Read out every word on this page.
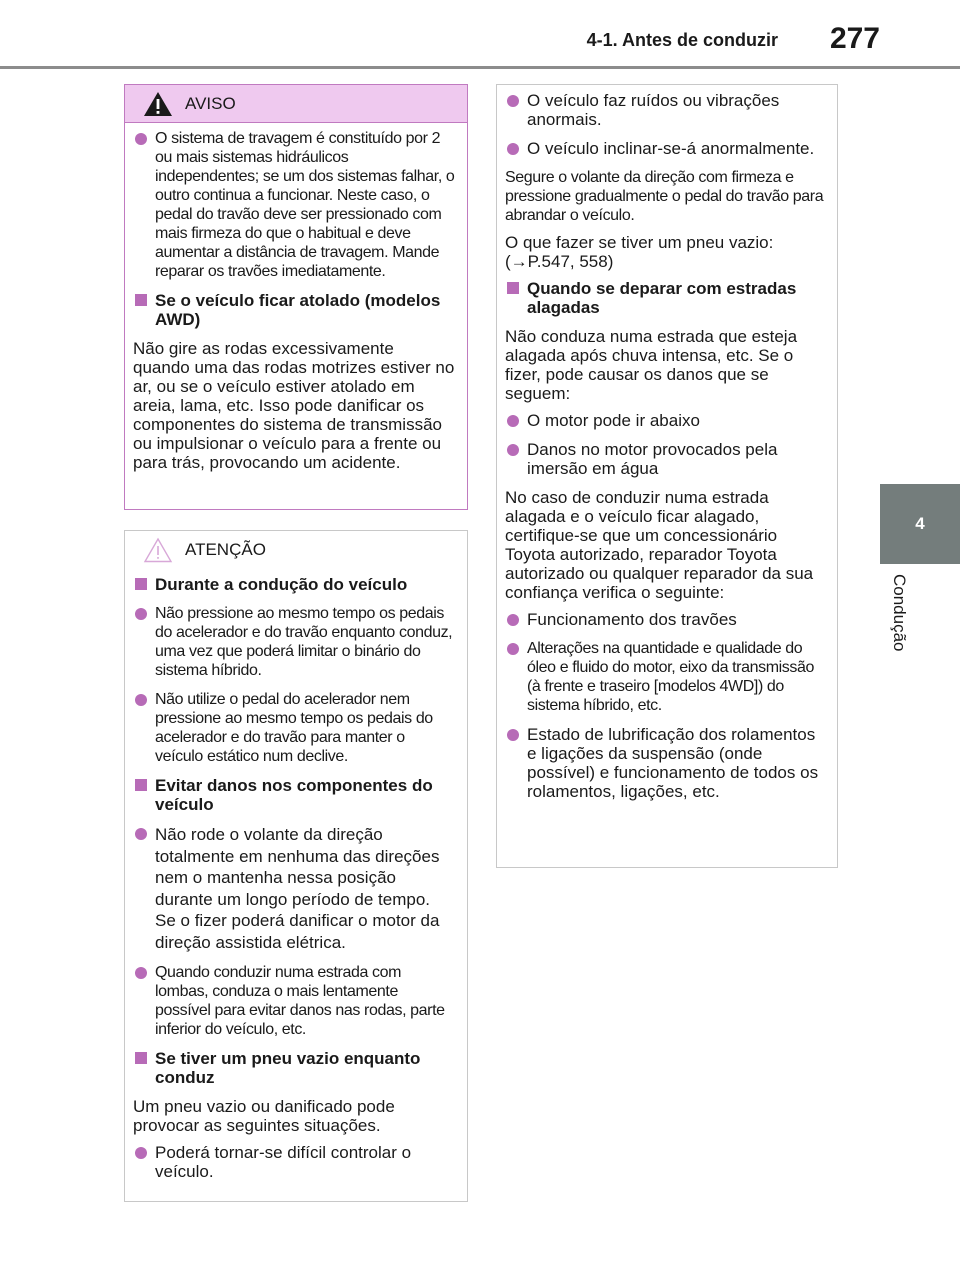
4-1. Antes de conduzir	277
4
Condução
AVISO
O sistema de travagem é constituído por 2 ou mais sistemas hidráulicos independentes; se um dos sistemas falhar, o outro continua a funcionar. Neste caso, o pedal do travão deve ser pressionado com mais firmeza do que o habitual e deve aumentar a distância de travagem. Mande reparar os travões imediatamente.
Se o veículo ficar atolado (modelos AWD)
Não gire as rodas excessivamente quando uma das rodas motrizes estiver no ar, ou se o veículo estiver atolado em areia, lama, etc. Isso pode danificar os componentes do sistema de transmissão ou impulsionar o veículo para a frente ou para trás, provocando um acidente.
ATENÇÃO
Durante a condução do veículo
Não pressione ao mesmo tempo os pedais do acelerador e do travão enquanto conduz, uma vez que poderá limitar o binário do sistema híbrido.
Não utilize o pedal do acelerador nem pressione ao mesmo tempo os pedais do acelerador e do travão para manter o veículo estático num declive.
Evitar danos nos componentes do veículo
Não rode o volante da direção totalmente em nenhuma das direções nem o mantenha nessa posição durante um longo período de tempo. Se o fizer poderá danificar o motor da direção assistida elétrica.
Quando conduzir numa estrada com lombas, conduza o mais lentamente possível para evitar danos nas rodas, parte inferior do veículo, etc.
Se tiver um pneu vazio enquanto conduz
Um pneu vazio ou danificado pode provocar as seguintes situações.
Poderá tornar-se difícil controlar o veículo.
O veículo faz ruídos ou vibrações anormais.
O veículo inclinar-se-á anormalmente.
Segure o volante da direção com firmeza e pressione gradualmente o pedal do travão para abrandar o veículo.
O que fazer se tiver um pneu vazio: (→P.547, 558)
Quando se deparar com estradas alagadas
Não conduza numa estrada que esteja alagada após chuva intensa, etc. Se o fizer, pode causar os danos que se seguem:
O motor pode ir abaixo
Danos no motor provocados pela imersão em água
No caso de conduzir numa estrada alagada e o veículo ficar alagado, certifique-se que um concessionário Toyota autorizado, reparador Toyota autorizado ou qualquer reparador da sua confiança verifica o seguinte:
Funcionamento dos travões
Alterações na quantidade e qualidade do óleo e fluido do motor, eixo da transmissão (à frente e traseiro [modelos 4WD]) do sistema híbrido, etc.
Estado de lubrificação dos rolamentos e ligações da suspensão (onde possível) e funcionamento de todos os rolamentos, ligações, etc.
